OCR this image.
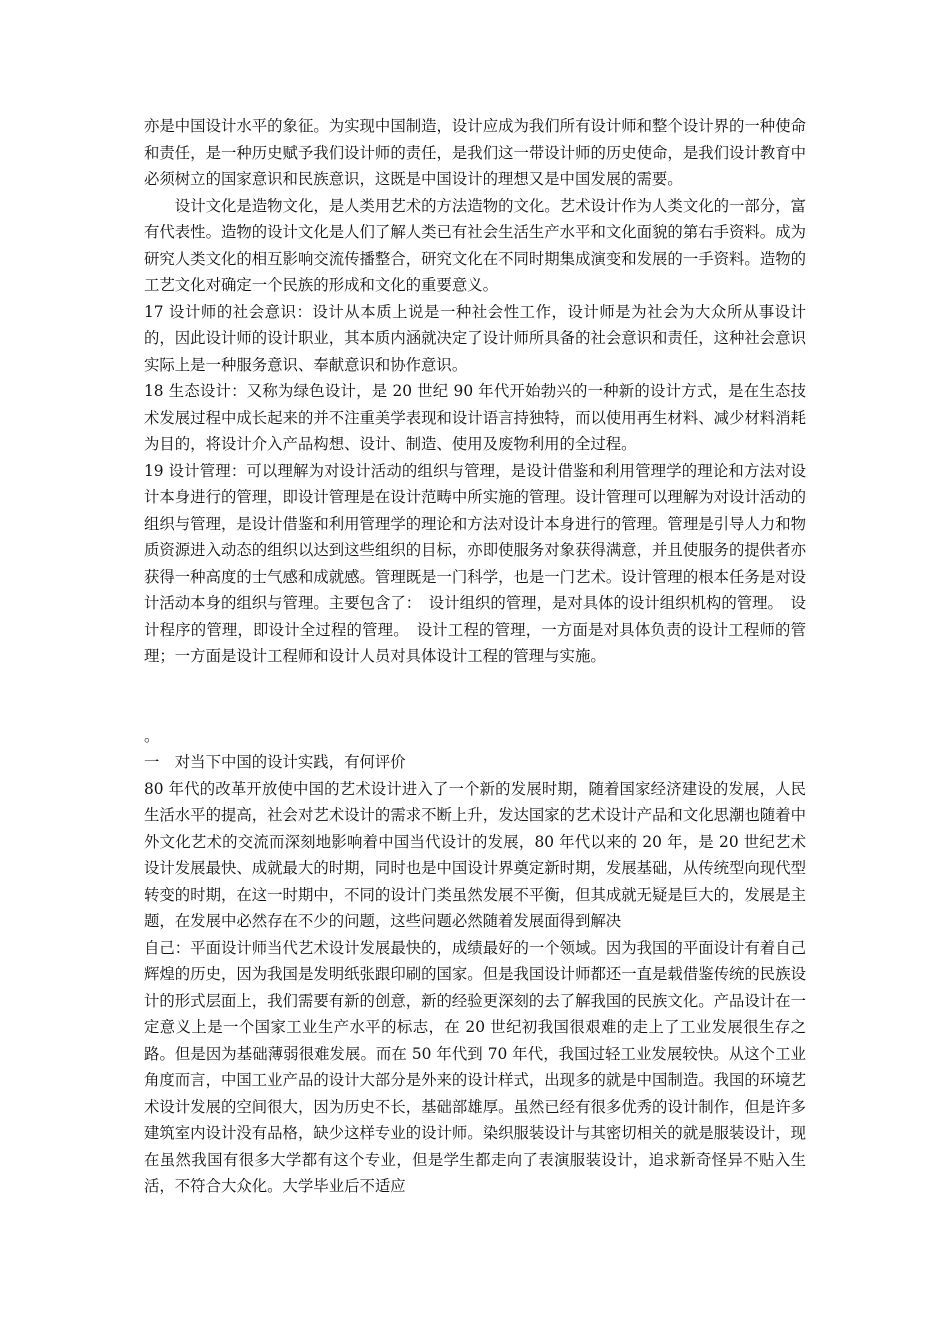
亦是中国设计水平的象征。为实现中国制造，设计应成为我们所有设计师和整个设计界的一种使命和责任，是一种历史赋予我们设计师的责任，是我们这一带设计师的历史使命，是我们设计教育中必须树立的国家意识和民族意识，这既是中国设计的理想又是中国发展的需要。

设计文化是造物文化，是人类用艺术的方法造物的文化。艺术设计作为人类文化的一部分，富有代表性。造物的设计文化是人们了解人类已有社会生活生产水平和文化面貌的第右手资料。成为研究人类文化的相互影响交流传播整合，研究文化在不同时期集成演变和发展的一手资料。造物的工艺文化对确定一个民族的形成和文化的重要意义。

17 设计师的社会意识：设计从本质上说是一种社会性工作，设计师是为社会为大众所从事设计的，因此设计师的设计职业，其本质内涵就决定了设计师所具备的社会意识和责任，这种社会意识实际上是一种服务意识、奉献意识和协作意识。

18 生态设计：又称为绿色设计，是 20 世纪 90 年代开始勃兴的一种新的设计方式，是在生态技术发展过程中成长起来的并不注重美学表现和设计语言持独特，而以使用再生材料、减少材料消耗为目的，将设计介入产品构想、设计、制造、使用及废物利用的全过程。

19 设计管理：可以理解为对设计活动的组织与管理，是设计借鉴和利用管理学的理论和方法对设计本身进行的管理，即设计管理是在设计范畴中所实施的管理。设计管理可以理解为对设计活动的组织与管理，是设计借鉴和利用管理学的理论和方法对设计本身进行的管理。管理是引导人力和物质资源进入动态的组织以达到这些组织的目标，亦即使服务对象获得满意，并且使服务的提供者亦获得一种高度的士气感和成就感。管理既是一门科学，也是一门艺术。设计管理的根本任务是对设计活动本身的组织与管理。主要包含了：　设计组织的管理，是对具体的设计组织机构的管理。　设计程序的管理，即设计全过程的管理。　设计工程的管理，一方面是对具体负责的设计工程师的管理；一方面是设计工程师和设计人员对具体设计工程的管理与实施。

。

一　对当下中国的设计实践，有何评价

80 年代的改革开放使中国的艺术设计进入了一个新的发展时期，随着国家经济建设的发展，人民生活水平的提高，社会对艺术设计的需求不断上升，发达国家的艺术设计产品和文化思潮也随着中外文化艺术的交流而深刻地影响着中国当代设计的发展，80 年代以来的 20 年，是 20 世纪艺术设计发展最快、成就最大的时期，同时也是中国设计界奠定新时期，发展基础，从传统型向现代型转变的时期，在这一时期中，不同的设计门类虽然发展不平衡，但其成就无疑是巨大的，发展是主题，在发展中必然存在不少的问题，这些问题必然随着发展面得到解决

自己：平面设计师当代艺术设计发展最快的，成绩最好的一个领域。因为我国的平面设计有着自己辉煌的历史，因为我国是发明纸张跟印刷的国家。但是我国设计师都还一直是载借鉴传统的民族设计的形式层面上，我们需要有新的创意，新的经验更深刻的去了解我国的民族文化。产品设计在一定意义上是一个国家工业生产水平的标志，在 20 世纪初我国很艰难的走上了工业发展很生存之路。但是因为基础薄弱很难发展。而在 50 年代到 70 年代，我国过轻工业发展较快。从这个工业角度而言，中国工业产品的设计大部分是外来的设计样式，出现多的就是中国制造。我国的环境艺术设计发展的空间很大，因为历史不长，基础部雄厚。虽然已经有很多优秀的设计制作，但是许多建筑室内设计没有品格，缺少这样专业的设计师。染织服装设计与其密切相关的就是服装设计，现在虽然我国有很多大学都有这个专业，但是学生都走向了表演服装设计，追求新奇怪异不贴入生活，不符合大众化。大学毕业后不适应
